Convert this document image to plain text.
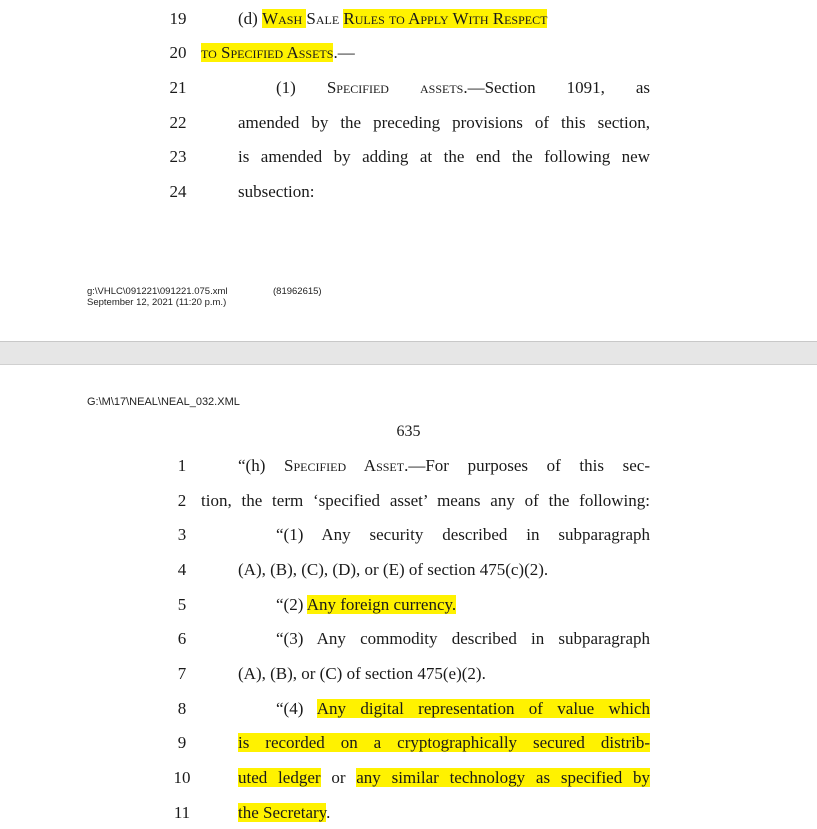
19	(d) Wash Sale Rules to Apply With Respect
20 to Specified Assets.—
21	(1) Specified assets.—Section 1091, as
22	amended by the preceding provisions of this section,
23	is amended by adding at the end the following new
24	subsection:
g:\VHLC\091221\091221.075.xml	(81962615)
September 12, 2021 (11:20 p.m.)
G:\M\17\NEAL\NEAL_032.XML
635
1	“(h) Specified Asset.—For purposes of this sec-
2 tion, the term ‘specified asset’ means any of the following:
3	“(1) Any security described in subparagraph
4	(A), (B), (C), (D), or (E) of section 475(c)(2).
5	“(2) Any foreign currency.
6	“(3) Any commodity described in subparagraph
7	(A), (B), or (C) of section 475(e)(2).
8	“(4) Any digital representation of value which
9	is recorded on a cryptographically secured distrib-
10	uted ledger or any similar technology as specified by
11	the Secretary.
